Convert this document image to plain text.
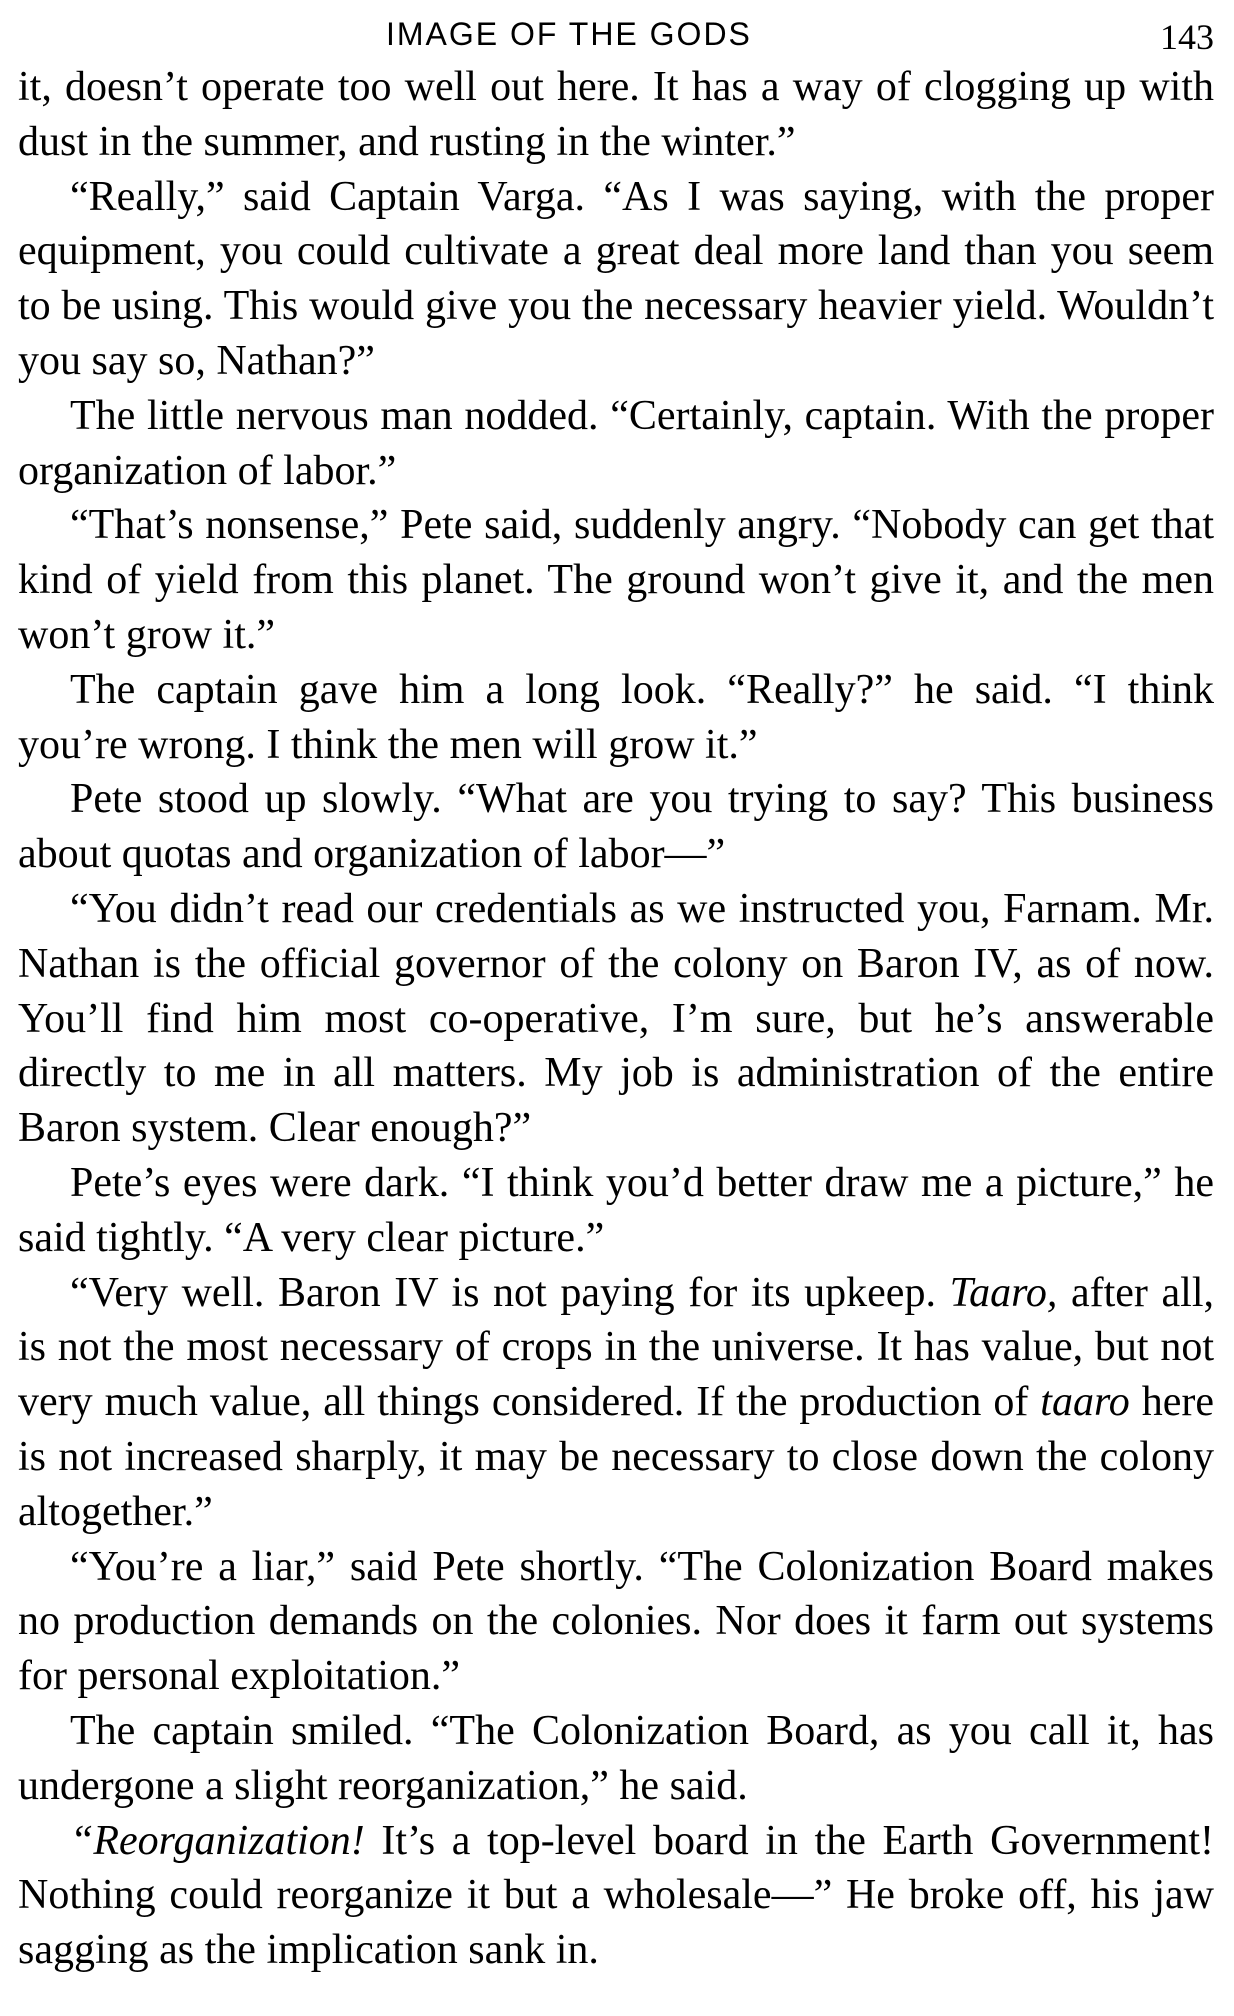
IMAGE OF THE GODS	143

it, doesn’t operate too well out here. It has a way of clogging up with dust in the summer, and rusting in the winter.”

“Really,” said Captain Varga. “As I was saying, with the proper equipment, you could cultivate a great deal more land than you seem to be using. This would give you the necessary heavier yield. Wouldn’t you say so, Nathan?”

The little nervous man nodded. “Certainly, captain. With the proper organization of labor.”

“That’s nonsense,” Pete said, suddenly angry. “Nobody can get that kind of yield from this planet. The ground won’t give it, and the men won’t grow it.”

The captain gave him a long look. “Really?” he said. “I think you’re wrong. I think the men will grow it.”

Pete stood up slowly. “What are you trying to say? This business about quotas and organization of labor—”

“You didn’t read our credentials as we instructed you, Farnam. Mr. Nathan is the official governor of the colony on Baron IV, as of now. You’ll find him most co-operative, I’m sure, but he’s answerable directly to me in all matters. My job is administration of the entire Baron system. Clear enough?”

Pete’s eyes were dark. “I think you’d better draw me a picture,” he said tightly. “A very clear picture.”

“Very well. Baron IV is not paying for its upkeep. Taaro, after all, is not the most necessary of crops in the universe. It has value, but not very much value, all things considered. If the production of taaro here is not increased sharply, it may be necessary to close down the colony altogether.”

“You’re a liar,” said Pete shortly. “The Colonization Board makes no production demands on the colonies. Nor does it farm out systems for personal exploitation.”

The captain smiled. “The Colonization Board, as you call it, has undergone a slight reorganization,” he said.

“Reorganization! It’s a top-level board in the Earth Government! Nothing could reorganize it but a wholesale—” He broke off, his jaw sagging as the implication sank in.
